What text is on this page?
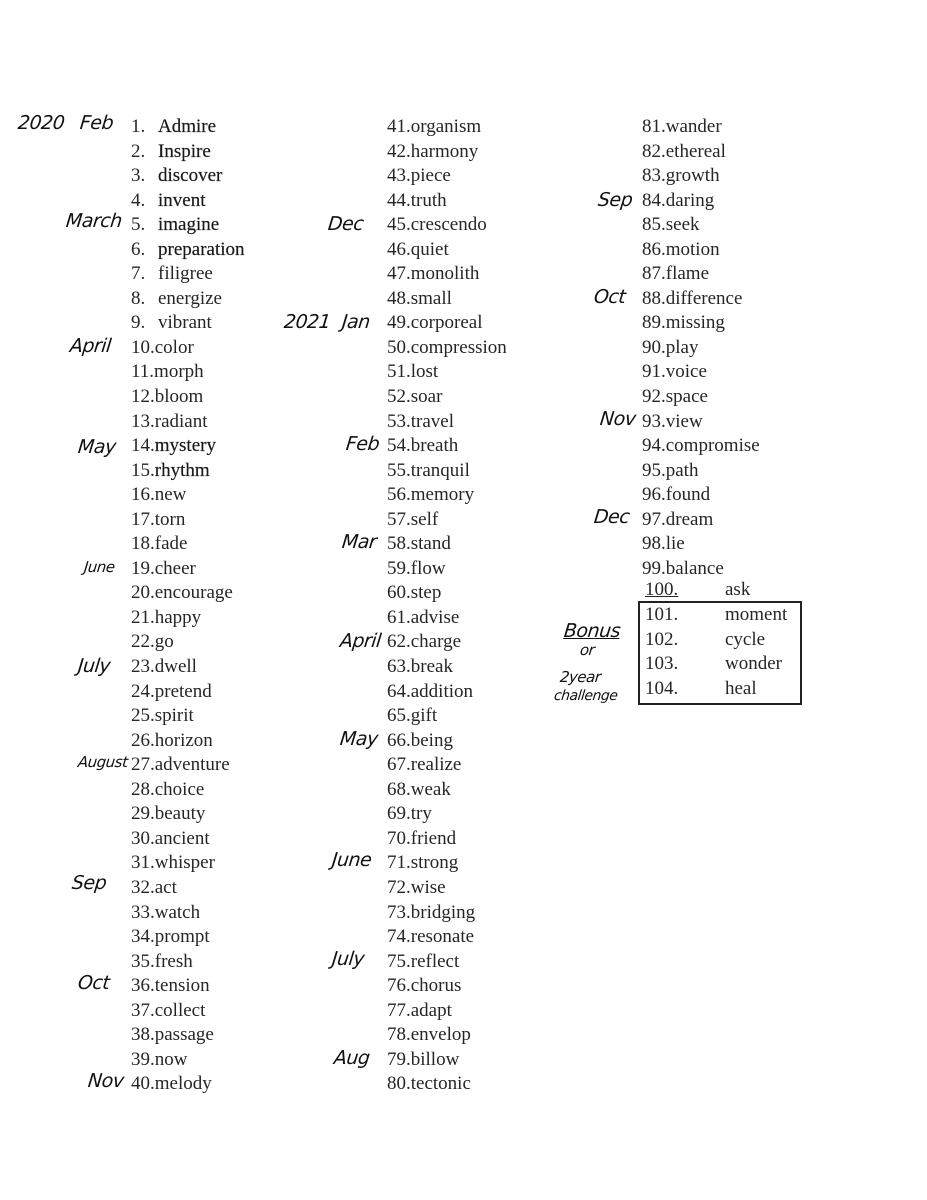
1. Admire
2. Inspire
3. discover
4. invent
5. imagine
6. preparation
7. filigree
8. energize
9. vibrant
10.color
11.morph
12.bloom
13.radiant
14.mystery
15.rhythm
16.new
17.torn
18.fade
19.cheer
20.encourage
21.happy
22.go
23.dwell
24.pretend
25.spirit
26.horizon
27.adventure
28.choice
29.beauty
30.ancient
31.whisper
32.act
33.watch
34.prompt
35.fresh
36.tension
37.collect
38.passage
39.now
40.melody
41.organism
42.harmony
43.piece
44.truth
45.crescendo
46.quiet
47.monolith
48.small
49.corporeal
50.compression
51.lost
52.soar
53.travel
54.breath
55.tranquil
56.memory
57.self
58.stand
59.flow
60.step
61.advise
62.charge
63.break
64.addition
65.gift
66.being
67.realize
68.weak
69.try
70.friend
71.strong
72.wise
73.bridging
74.resonate
75.reflect
76.chorus
77.adapt
78.envelop
79.billow
80.tectonic
81.wander
82.ethereal
83.growth
84.daring
85.seek
86.motion
87.flame
88.difference
89.missing
90.play
91.voice
92.space
93.view
94.compromise
95.path
96.found
97.dream
98.lie
99.balance
100. ask
101. moment
102. cycle
103. wonder
104. heal
2020 Feb
March
April
May
June
July
August
Sep
Oct
Nov
Dec
2021 Jan
Feb
Mar
April
May
June
July
Aug
Sep
Oct
Nov
Dec
Bonus
or
2year
challenge
